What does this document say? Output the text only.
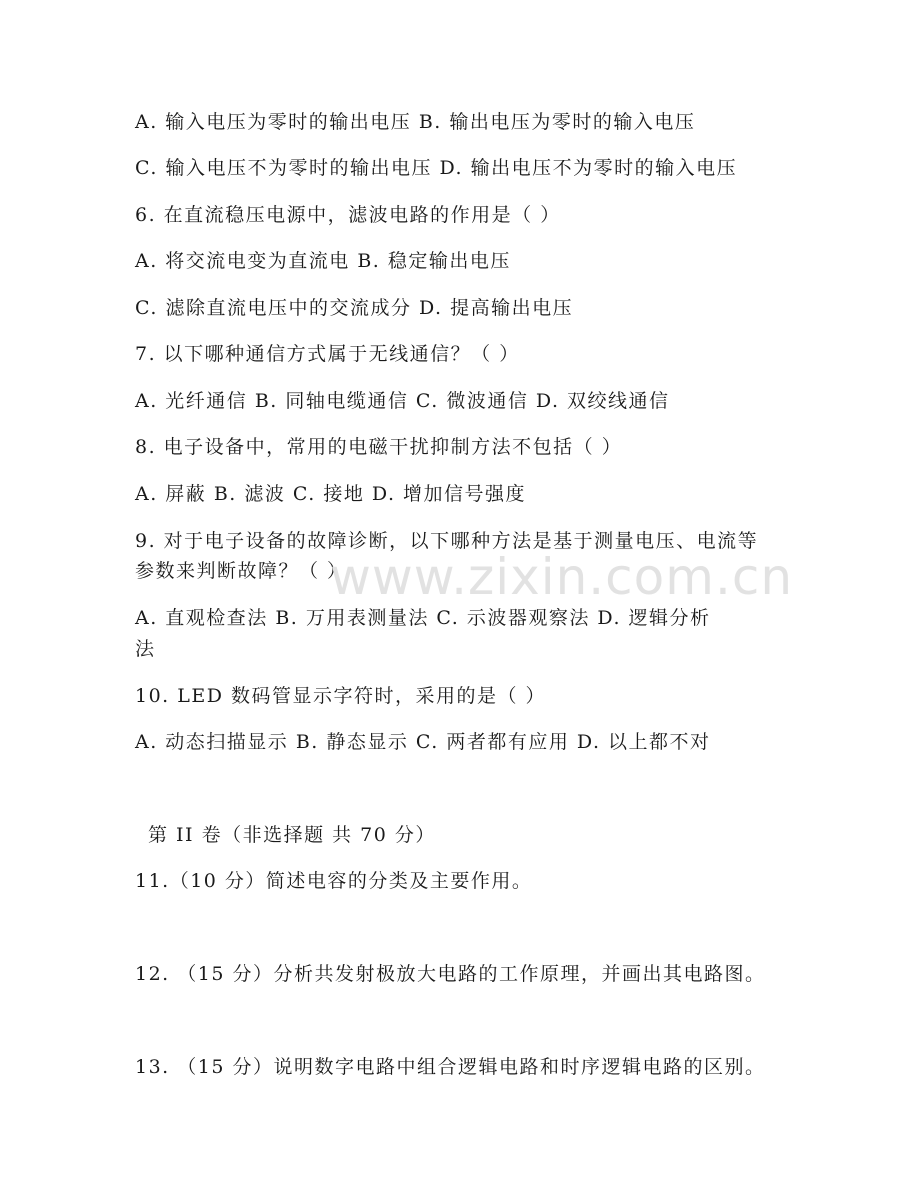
A. 输入电压为零时的输出电压 B. 输出电压为零时的输入电压
C. 输入电压不为零时的输出电压 D. 输出电压不为零时的输入电压
6. 在直流稳压电源中，滤波电路的作用是（ ）
A. 将交流电变为直流电 B. 稳定输出电压
C. 滤除直流电压中的交流成分 D. 提高输出电压
7. 以下哪种通信方式属于无线通信？（ ）
A. 光纤通信 B. 同轴电缆通信 C. 微波通信 D. 双绞线通信
8. 电子设备中，常用的电磁干扰抑制方法不包括（ ）
A. 屏蔽 B. 滤波 C. 接地 D. 增加信号强度
9. 对于电子设备的故障诊断，以下哪种方法是基于测量电压、电流等
参数来判断故障？（ ）
A. 直观检查法 B. 万用表测量法 C. 示波器观察法 D. 逻辑分析
法
10. LED 数码管显示字符时，采用的是（ ）
A. 动态扫描显示 B. 静态显示 C. 两者都有应用 D. 以上都不对
第 II 卷（非选择题 共 70 分）
11.（10 分）简述电容的分类及主要作用。
12. （15 分）分析共发射极放大电路的工作原理，并画出其电路图。
13. （15 分）说明数字电路中组合逻辑电路和时序逻辑电路的区别。
www.zixin.com.cn
